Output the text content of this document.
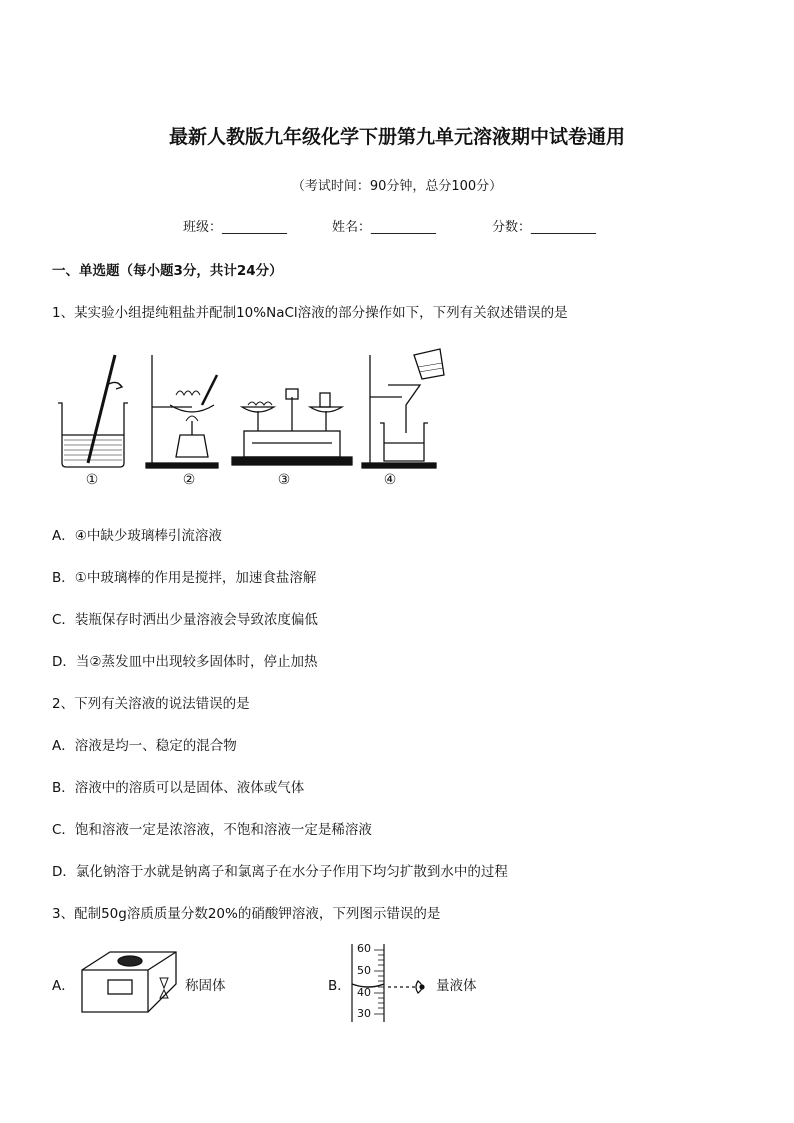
最新人教版九年级化学下册第九单元溶液期中试卷通用
（考试时间：90分钟，总分100分）
班级：__________	姓名：__________	分数：__________
一、单选题（每小题3分，共计24分）
1、某实验小组提纯粗盐并配制10%NaCl溶液的部分操作如下，下列有关叙述错误的是
①	②	③	④
A．④中缺少玻璃棒引流溶液
B．①中玻璃棒的作用是搅拌，加速食盐溶解
C．装瓶保存时洒出少量溶液会导致浓度偏低
D．当②蒸发皿中出现较多固体时，停止加热
2、下列有关溶液的说法错误的是
A．溶液是均一、稳定的混合物
B．溶液中的溶质可以是固体、液体或气体
C．饱和溶液一定是浓溶液，不饱和溶液一定是稀溶液
D．氯化钠溶于水就是钠离子和氯离子在水分子作用下均匀扩散到水中的过程
3、配制50g溶质质量分数20%的硝酸钾溶液，下列图示错误的是
A．	称固体	B．
60
50
40
30
量液体
